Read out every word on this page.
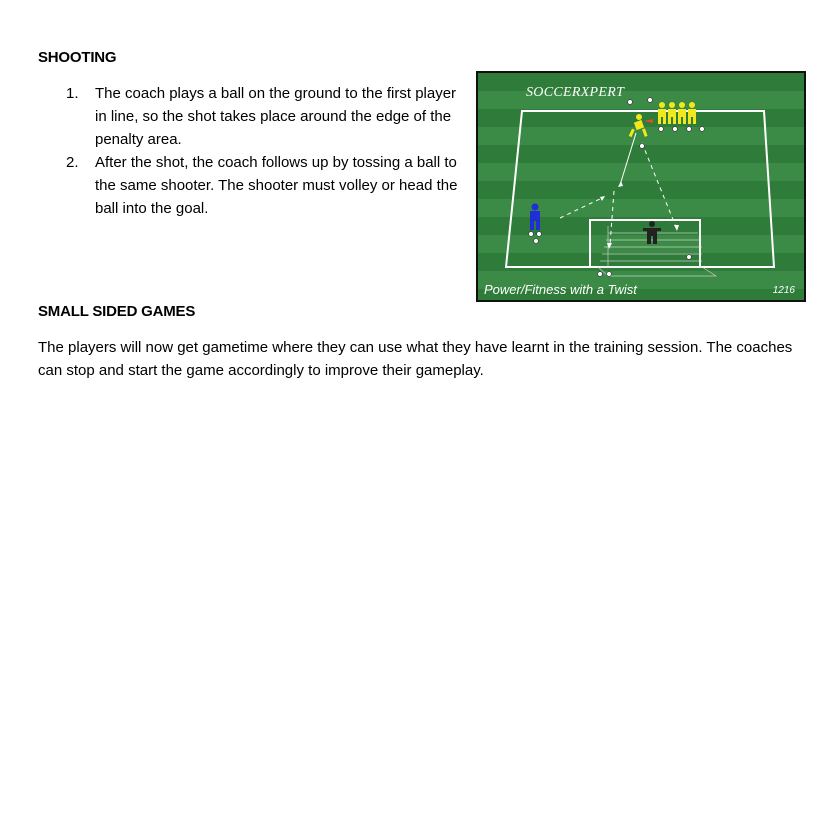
SHOOTING
1. The coach plays a ball on the ground to the first player in line, so the shot takes place around the edge of the penalty area.
2. After the shot, the coach follows up by tossing a ball to the same shooter. The shooter must volley or head the ball into the goal.
SOCCERXPERT
Power/Fitness with a Twist	1216
SMALL SIDED GAMES

The players will now get gametime where they can use what they have learnt in the training session. The coaches can stop and start the game accordingly to improve their gameplay.
